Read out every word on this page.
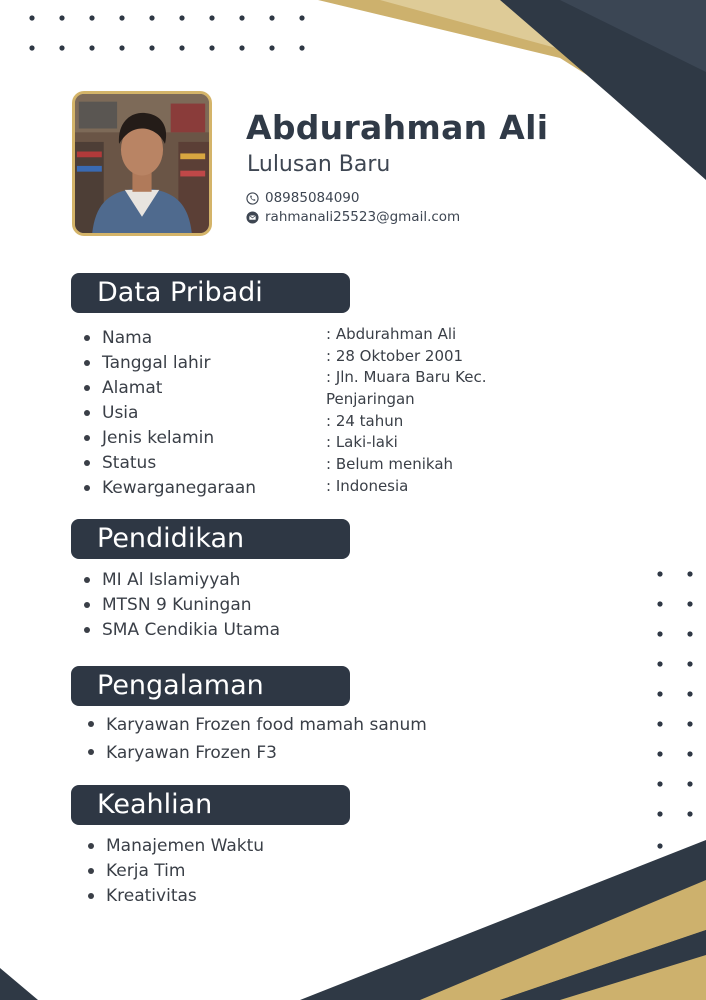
Abdurahman Ali
Lulusan Baru
08985084090
rahmanali25523@gmail.com
Data Pribadi
Nama
Tanggal lahir
Alamat
Usia
Jenis kelamin
Status
Kewarganegaraan
: Abdurahman Ali
: 28 Oktober 2001
: Jln. Muara Baru Kec.
Penjaringan
: 24 tahun
: Laki-laki
: Belum menikah
: Indonesia
Pendidikan
MI Al Islamiyyah
MTSN 9 Kuningan
SMA Cendikia Utama
Pengalaman
Karyawan Frozen food mamah sanum
Karyawan Frozen F3
Keahlian
Manajemen Waktu
Kerja Tim
Kreativitas
